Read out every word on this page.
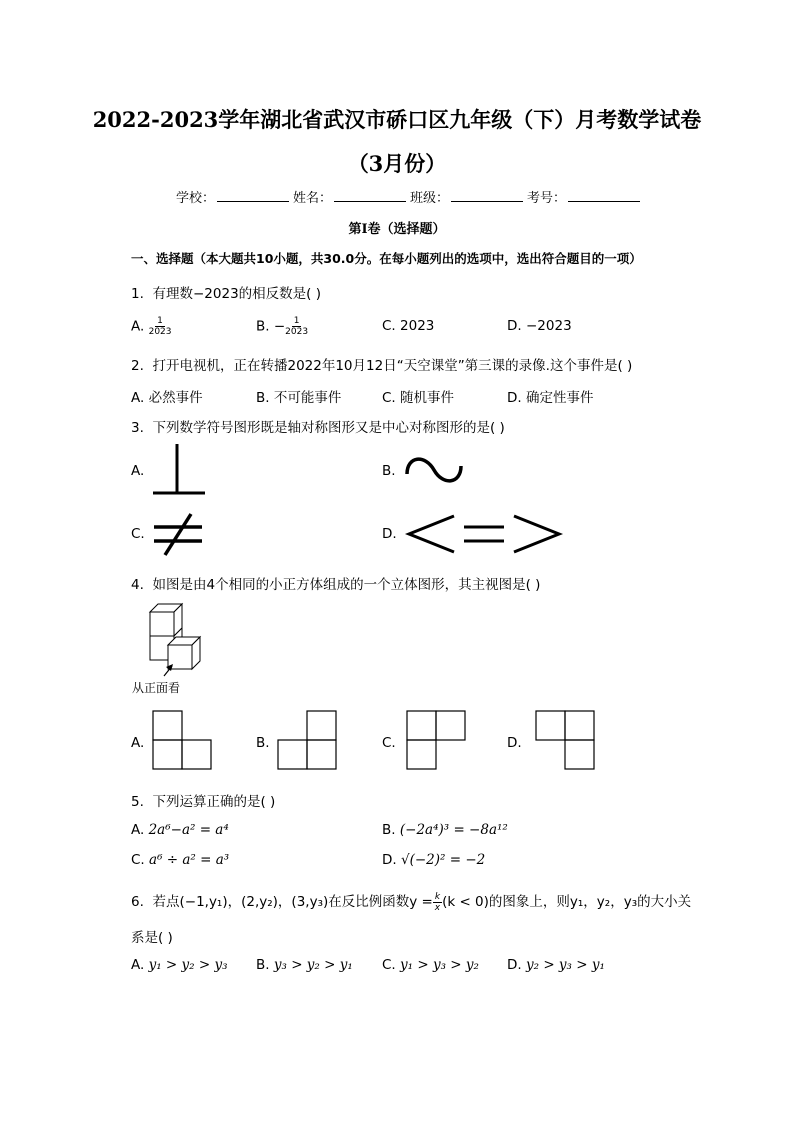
2022-2023学年湖北省武汉市硚口区九年级（下）月考数学试卷
（3月份）
学校：	姓名：	班级：	考号：
第I卷（选择题）
一、选择题（本大题共10小题，共30.0分。在每小题列出的选项中，选出符合题目的一项）
1. 有理数−2023的相反数是( )
A. $\frac{1}{2023}$	B. − $\frac{1}{2023}$	C. 2023	D. −2023
2. 打开电视机，正在转播2022年10月12日“天空课堂”第三课的录像.这个事件是( )
A. 必然事件	B. 不可能事件	C. 随机事件	D. 确定性事件
3. 下列数学符号图形既是轴对称图形又是中心对称图形的是( )
A.	B.
C.	D.
4. 如图是由4个相同的小正方体组成的一个立体图形，其主视图是( )
从正面看
A.	B.	C.	D.
5. 下列运算正确的是( )
A. 2a⁶−a² = a⁴	B. (−2a⁴)³ = −8a¹²
C. a⁶ ÷ a² = a³	D. √(−2)² = −2
6. 若点(−1,y₁)，(2,y₂)，(3,y₃)在反比例函数$y = \frac{k}{x} (k < 0)$的图象上，则y₁，y₂，y₃的大小关
系是( )
A. y₁ > y₂ > y₃ B. y₃ > y₂ > y₁ C. y₁ > y₃ > y₂ D. y₂ > y₃ > y₁
